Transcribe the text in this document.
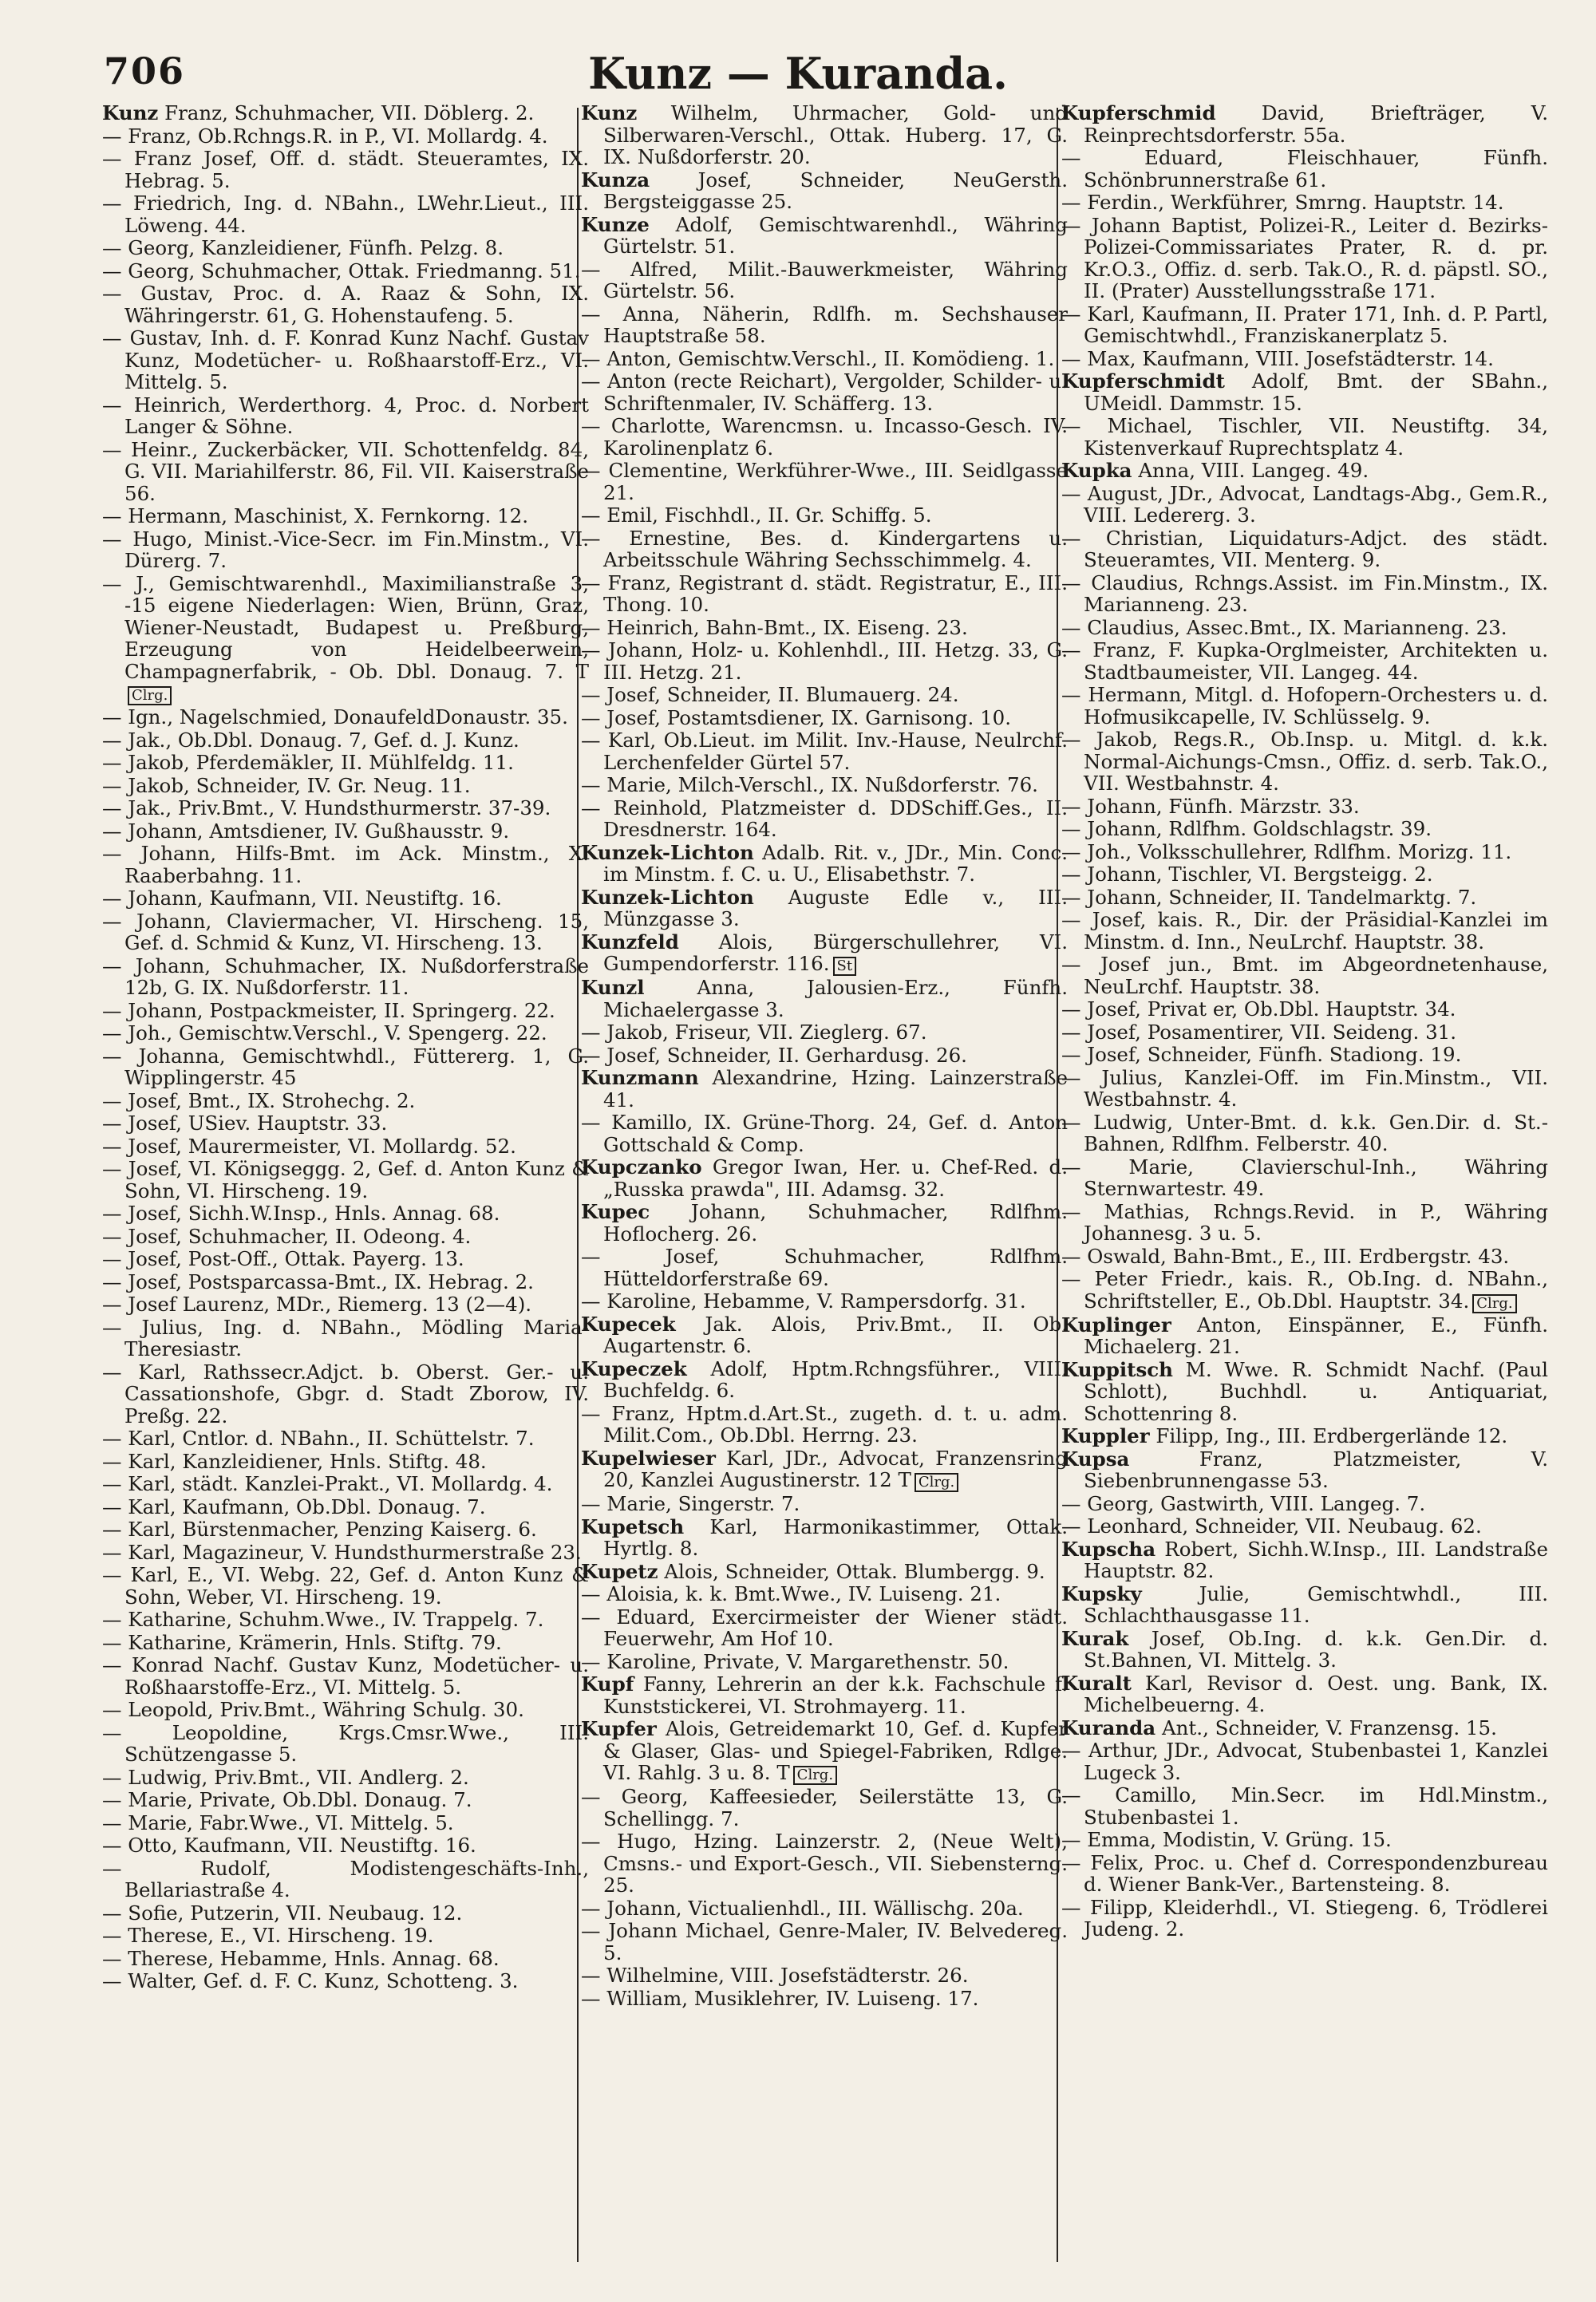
706	Kunz — Kuranda.
Kunz Franz, Schuhmacher, VII. Döblerg. 2.
— Franz, Ob.Rchngs.R. in P., VI. Mollardg. 4.
— Franz Josef, Off. d. städt. Steueramtes, IX. Hebrag. 5.
— Friedrich, Ing. d. NBahn., LWehr.Lieut., III. Löweng. 44.
— Georg, Kanzleidiener, Fünfh. Pelzg. 8.
— Georg, Schuhmacher, Ottak. Friedmanng. 51.
— Gustav, Proc. d. A. Raaz & Sohn, IX. Währingerstr. 61, G. Hohenstaufeng. 5.
— Gustav, Inh. d. F. Konrad Kunz Nachf. Gustav Kunz, Modetücher- u. Roßhaarstoff-Erz., VI. Mittelg. 5.
— Heinrich, Werderthorg. 4, Proc. d. Norbert Langer & Söhne.
— Heinr., Zuckerbäcker, VII. Schottenfeldg. 84, G. VII. Mariahilferstr. 86, Fil. VII. Kaiserstraße 56.
— Hermann, Maschinist, X. Fernkorng. 12.
— Hugo, Minist.-Vice-Secr. im Fin.Minstm., VI. Dürerg. 7.
— J., Gemischtwarenhdl., Maximilianstraße 3, -15 eigene Niederlagen: Wien, Brünn, Graz, Wiener-Neustadt, Budapest u. Preßburg, Erzeugung von Heidelbeerwein, Champagnerfabrik, - Ob. Dbl. Donaug. 7. TClrg.
— Ign., Nagelschmied, DonaufeldDonaustr. 35.
— Jak., Ob.Dbl. Donaug. 7, Gef. d. J. Kunz.
— Jakob, Pferdemäkler, II. Mühlfeldg. 11.
— Jakob, Schneider, IV. Gr. Neug. 11.
— Jak., Priv.Bmt., V. Hundsthurmerstr. 37-39.
— Johann, Amtsdiener, IV. Gußhausstr. 9.
— Johann, Hilfs-Bmt. im Ack. Minstm., X. Raaberbahng. 11.
— Johann, Kaufmann, VII. Neustiftg. 16.
— Johann, Claviermacher, VI. Hirscheng. 15, Gef. d. Schmid & Kunz, VI. Hirscheng. 13.
— Johann, Schuhmacher, IX. Nußdorferstraße 12b, G. IX. Nußdorferstr. 11.
— Johann, Postpackmeister, II. Springerg. 22.
— Joh., Gemischtw.Verschl., V. Spengerg. 22.
— Johanna, Gemischtwhdl., Füttererg. 1, G. Wipplingerstr. 45
— Josef, Bmt., IX. Strohechg. 2.
— Josef, USiev. Hauptstr. 33.
— Josef, Maurermeister, VI. Mollardg. 52.
— Josef, VI. Königseggg. 2, Gef. d. Anton Kunz & Sohn, VI. Hirscheng. 19.
— Josef, Sichh.W.Insp., Hnls. Annag. 68.
— Josef, Schuhmacher, II. Odeong. 4.
— Josef, Post-Off., Ottak. Payerg. 13.
— Josef, Postsparcassa-Bmt., IX. Hebrag. 2.
— Josef Laurenz, MDr., Riemerg. 13 (2—4).
— Julius, Ing. d. NBahn., Mödling Maria-Theresiastr.
— Karl, Rathssecr.Adjct. b. Oberst. Ger.- u. Cassationshofe, Gbgr. d. Stadt Zborow, IV. Preßg. 22.
— Karl, Cntlor. d. NBahn., II. Schüttelstr. 7.
— Karl, Kanzleidiener, Hnls. Stiftg. 48.
— Karl, städt. Kanzlei-Prakt., VI. Mollardg. 4.
— Karl, Kaufmann, Ob.Dbl. Donaug. 7.
— Karl, Bürstenmacher, Penzing Kaiserg. 6.
— Karl, Magazineur, V. Hundsthurmerstraße 23.
— Karl, E., VI. Webg. 22, Gef. d. Anton Kunz & Sohn, Weber, VI. Hirscheng. 19.
— Katharine, Schuhm.Wwe., IV. Trappelg. 7.
— Katharine, Krämerin, Hnls. Stiftg. 79.
— Konrad Nachf. Gustav Kunz, Modetücher- u. Roßhaarstoffe-Erz., VI. Mittelg. 5.
— Leopold, Priv.Bmt., Währing Schulg. 30.
— Leopoldine, Krgs.Cmsr.Wwe., III. Schützengasse 5.
— Ludwig, Priv.Bmt., VII. Andlerg. 2.
— Marie, Private, Ob.Dbl. Donaug. 7.
— Marie, Fabr.Wwe., VI. Mittelg. 5.
— Otto, Kaufmann, VII. Neustiftg. 16.
— Rudolf, Modistengeschäfts-Inh., Bellariastraße 4.
— Sofie, Putzerin, VII. Neubaug. 12.
— Therese, E., VI. Hirscheng. 19.
— Therese, Hebamme, Hnls. Annag. 68.
— Walter, Gef. d. F. C. Kunz, Schotteng. 3.
Kunz Wilhelm, Uhrmacher, Gold- und Silberwaren-Verschl., Ottak. Huberg. 17, G. IX. Nußdorferstr. 20.
Kunza Josef, Schneider, NeuGersth. Bergsteiggasse 25.
Kunze Adolf, Gemischtwarenhdl., Währing Gürtelstr. 51.
— Alfred, Milit.-Bauwerkmeister, Währing Gürtelstr. 56.
— Anna, Näherin, Rdlfh. m. Sechshauser Hauptstraße 58.
— Anton, Gemischtw.Verschl., II. Komödieng. 1.
— Anton (recte Reichart), Vergolder, Schilder- u. Schriftenmaler, IV. Schäfferg. 13.
— Charlotte, Warencmsn. u. Incasso-Gesch. IV. Karolinenplatz 6.
— Clementine, Werkführer-Wwe., III. Seidlgasse 21.
— Emil, Fischhdl., II. Gr. Schiffg. 5.
— Ernestine, Bes. d. Kindergartens u. Arbeitsschule Währing Sechsschimmelg. 4.
— Franz, Registrant d. städt. Registratur, E., III. Thong. 10.
— Heinrich, Bahn-Bmt., IX. Eiseng. 23.
— Johann, Holz- u. Kohlenhdl., III. Hetzg. 33, G. III. Hetzg. 21.
— Josef, Schneider, II. Blumauerg. 24.
— Josef, Postamtsdiener, IX. Garnisong. 10.
— Karl, Ob.Lieut. im Milit. Inv.-Hause, Neulrchf. Lerchenfelder Gürtel 57.
— Marie, Milch-Verschl., IX. Nußdorferstr. 76.
— Reinhold, Platzmeister d. DDSchiff.Ges., II. Dresdnerstr. 164.
Kunzek-Lichton Adalb. Rit. v., JDr., Min. Conc. im Minstm. f. C. u. U., Elisabethstr. 7.
Kunzek-Lichton Auguste Edle v., III. Münzgasse 3.
Kunzfeld Alois, Bürgerschullehrer, VI. Gumpendorferstr. 116. St
Kunzl Anna, Jalousien-Erz., Fünfh. Michaelergasse 3.
— Jakob, Friseur, VII. Zieglerg. 67.
— Josef, Schneider, II. Gerhardusg. 26.
Kunzmann Alexandrine, Hzing. Lainzerstraße 41.
— Kamillo, IX. Grüne-Thorg. 24, Gef. d. Anton Gottschald & Comp.
Kupczanko Gregor Iwan, Her. u. Chef-Red. d. „Russka prawda", III. Adamsg. 32.
Kupec Johann, Schuhmacher, Rdlfhm. Hoflocherg. 26.
— Josef, Schuhmacher, Rdlfhm. Hütteldorferstraße 69.
— Karoline, Hebamme, V. Rampersdorfg. 31.
Kupecek Jak. Alois, Priv.Bmt., II. Ob. Augartenstr. 6.
Kupeczek Adolf, Hptm.Rchngsführer., VIII. Buchfeldg. 6.
— Franz, Hptm.d.Art.St., zugeth. d. t. u. adm. Milit.Com., Ob.Dbl. Herrng. 23.
Kupelwieser Karl, JDr., Advocat, Franzensring 20, Kanzlei Augustinerstr. 12 T Clrg.
— Marie, Singerstr. 7.
Kupetsch Karl, Harmonikastimmer, Ottak. Hyrtlg. 8.
Kupetz Alois, Schneider, Ottak. Blumbergg. 9.
— Aloisia, k. k. Bmt.Wwe., IV. Luiseng. 21.
— Eduard, Exercirmeister der Wiener städt. Feuerwehr, Am Hof 10.
— Karoline, Private, V. Margarethenstr. 50.
Kupf Fanny, Lehrerin an der k.k. Fachschule f. Kunststickerei, VI. Strohmayerg. 11.
Kupfer Alois, Getreidemarkt 10, Gef. d. Kupfer & Glaser, Glas- und Spiegel-Fabriken, Rdlge. VI. Rahlg. 3 u. 8. T Clrg.
— Georg, Kaffeesieder, Seilerstätte 13, G. Schellingg. 7.
— Hugo, Hzing. Lainzerstr. 2, (Neue Welt), Cmsns.- und Export-Gesch., VII. Siebensterng. 25.
— Johann, Victualienhdl., III. Wällischg. 20a.
— Johann Michael, Genre-Maler, IV. Belvedereg. 5.
— Wilhelmine, VIII. Josefstädterstr. 26.
— William, Musiklehrer, IV. Luiseng. 17.
Kupferschmid David, Briefträger, V. Reinprechtsdorferstr. 55a.
— Eduard, Fleischhauer, Fünfh. Schönbrunnerstraße 61.
— Ferdin., Werkführer, Smrng. Hauptstr. 14.
— Johann Baptist, Polizei-R., Leiter d. Bezirks-Polizei-Commissariates Prater, R. d. pr. Kr.O.3., Offiz. d. serb. Tak.O., R. d. päpstl. SO., II. (Prater) Ausstellungsstraße 171.
— Karl, Kaufmann, II. Prater 171, Inh. d. P. Partl, Gemischtwhdl., Franziskanerplatz 5.
— Max, Kaufmann, VIII. Josefstädterstr. 14.
Kupferschmidt Adolf, Bmt. der SBahn., UMeidl. Dammstr. 15.
— Michael, Tischler, VII. Neustiftg. 34, Kistenverkauf Ruprechtsplatz 4.
Kupka Anna, VIII. Langeg. 49.
— August, JDr., Advocat, Landtags-Abg., Gem.R., VIII. Ledererg. 3.
— Christian, Liquidaturs-Adjct. des städt. Steueramtes, VII. Menterg. 9.
— Claudius, Rchngs.Assist. im Fin.Minstm., IX. Marianneng. 23.
— Claudius, Assec.Bmt., IX. Marianneng. 23.
— Franz, F. Kupka-Orglmeister, Architekten u. Stadtbaumeister, VII. Langeg. 44.
— Hermann, Mitgl. d. Hofopern-Orchesters u. d. Hofmusikcapelle, IV. Schlüsselg. 9.
— Jakob, Regs.R., Ob.Insp. u. Mitgl. d. k.k. Normal-Aichungs-Cmsn., Offiz. d. serb. Tak.O., VII. Westbahnstr. 4.
— Johann, Fünfh. Märzstr. 33.
— Johann, Rdlfhm. Goldschlagstr. 39.
— Joh., Volksschullehrer, Rdlfhm. Morizg. 11.
— Johann, Tischler, VI. Bergsteigg. 2.
— Johann, Schneider, II. Tandelmarktg. 7.
— Josef, kais. R., Dir. der Präsidial-Kanzlei im Minstm. d. Inn., NeuLrchf. Hauptstr. 38.
— Josef jun., Bmt. im Abgeordnetenhause, NeuLrchf. Hauptstr. 38.
— Josef, Privat er, Ob.Dbl. Hauptstr. 34.
— Josef, Posamentirer, VII. Seideng. 31.
— Josef, Schneider, Fünfh. Stadiong. 19.
— Julius, Kanzlei-Off. im Fin.Minstm., VII. Westbahnstr. 4.
— Ludwig, Unter-Bmt. d. k.k. Gen.Dir. d. St.-Bahnen, Rdlfhm. Felberstr. 40.
— Marie, Clavierschul-Inh., Währing Sternwartestr. 49.
— Mathias, Rchngs.Revid. in P., Währing Johannesg. 3 u. 5.
— Oswald, Bahn-Bmt., E., III. Erdbergstr. 43.
— Peter Friedr., kais. R., Ob.Ing. d. NBahn., Schriftsteller, E., Ob.Dbl. Hauptstr. 34. Clrg.
Kuplinger Anton, Einspänner, E., Fünfh. Michaelerg. 21.
Kuppitsch M. Wwe. R. Schmidt Nachf. (Paul Schlott), Buchhdl. u. Antiquariat, Schottenring 8.
Kuppler Filipp, Ing., III. Erdbergerlände 12.
Kupsa Franz, Platzmeister, V. Siebenbrunnengasse 53.
— Georg, Gastwirth, VIII. Langeg. 7.
— Leonhard, Schneider, VII. Neubaug. 62.
Kupscha Robert, Sichh.W.Insp., III. Landstraße Hauptstr. 82.
Kupsky Julie, Gemischtwhdl., III. Schlachthausgasse 11.
Kurak Josef, Ob.Ing. d. k.k. Gen.Dir. d. St.Bahnen, VI. Mittelg. 3.
Kuralt Karl, Revisor d. Oest. ung. Bank, IX. Michelbeuerng. 4.
Kuranda Ant., Schneider, V. Franzensg. 15.
— Arthur, JDr., Advocat, Stubenbastei 1, Kanzlei Lugeck 3.
— Camillo, Min.Secr. im Hdl.Minstm., Stubenbastei 1.
— Emma, Modistin, V. Grüng. 15.
— Felix, Proc. u. Chef d. Correspondenzbureau d. Wiener Bank-Ver., Bartensteing. 8.
— Filipp, Kleiderhdl., VI. Stiegeng. 6, Trödlerei Judeng. 2.
